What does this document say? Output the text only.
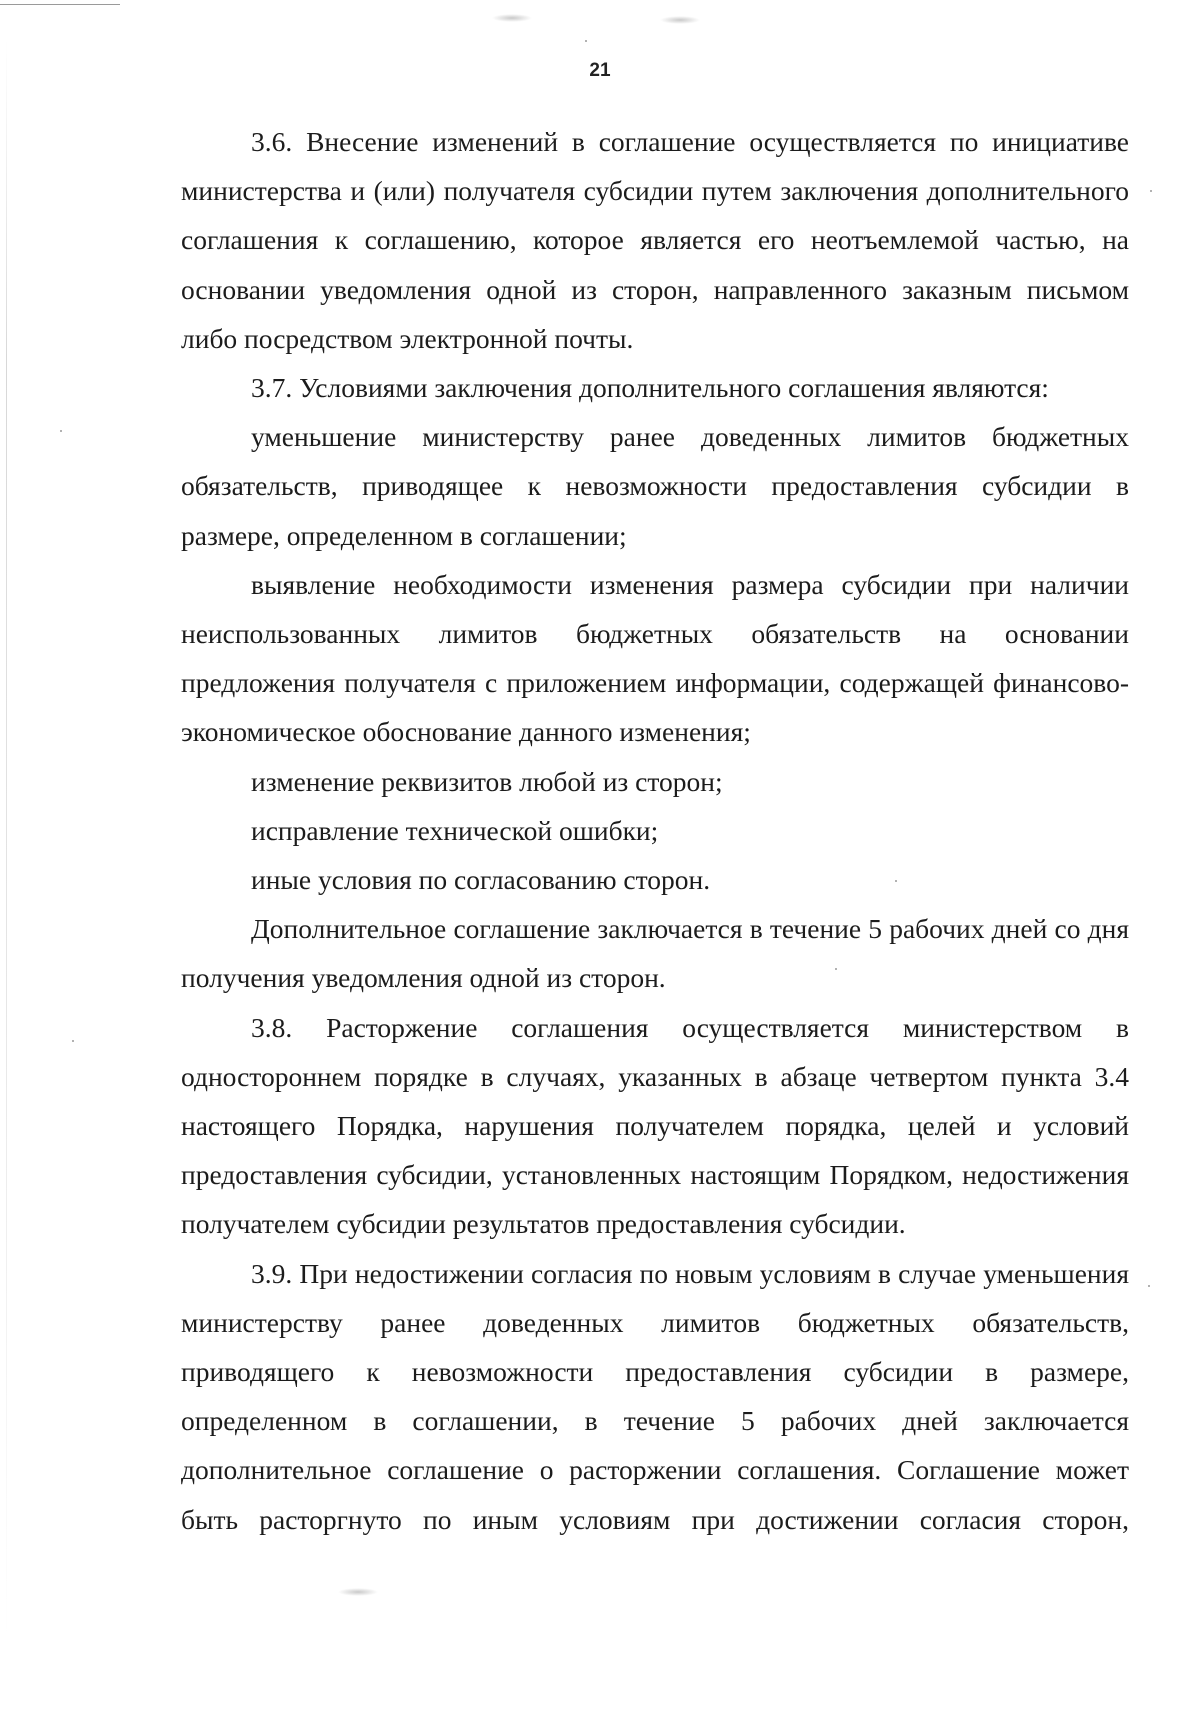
21

3.6. Внесение изменений в соглашение осуществляется по инициативе министерства и (или) получателя субсидии путем заключения дополнительного соглашения к соглашению, которое является его неотъемлемой частью, на основании уведомления одной из сторон, направленного заказным письмом либо посредством электронной почты.

3.7. Условиями заключения дополнительного соглашения являются:

уменьшение министерству ранее доведенных лимитов бюджетных обязательств, приводящее к невозможности предоставления субсидии в размере, определенном в соглашении;

выявление необходимости изменения размера субсидии при наличии неиспользованных лимитов бюджетных обязательств на основании предложения получателя с приложением информации, содержащей финансово-экономическое обоснование данного изменения;

изменение реквизитов любой из сторон;

исправление технической ошибки;

иные условия по согласованию сторон.

Дополнительное соглашение заключается в течение 5 рабочих дней со дня получения уведомления одной из сторон.

3.8. Расторжение соглашения осуществляется министерством в одностороннем порядке в случаях, указанных в абзаце четвертом пункта 3.4 настоящего Порядка, нарушения получателем порядка, целей и условий предоставления субсидии, установленных настоящим Порядком, недостижения получателем субсидии результатов предоставления субсидии.

3.9. При недостижении согласия по новым условиям в случае уменьшения министерству ранее доведенных лимитов бюджетных обязательств, приводящего к невозможности предоставления субсидии в размере, определенном в соглашении, в течение 5 рабочих дней заключается дополнительное соглашение о расторжении соглашения. Соглашение может быть расторгнуто по иным условиям при достижении согласия сторон,
